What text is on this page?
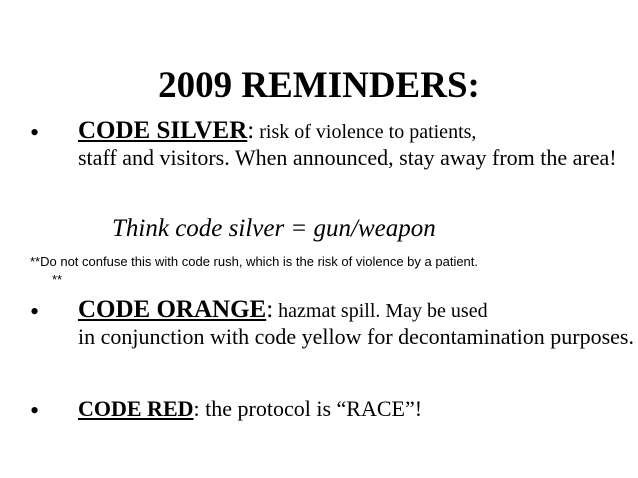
2009 REMINDERS:
• CODE SILVER: risk of violence to patients,
staff and visitors. When announced, stay away from the area!
Think code silver = gun/weapon
**Do not confuse this with code rush, which is the risk of violence by a patient.
**
• CODE ORANGE: hazmat spill. May be used
in conjunction with code yellow for decontamination purposes.
• CODE RED: the protocol is “RACE”!
